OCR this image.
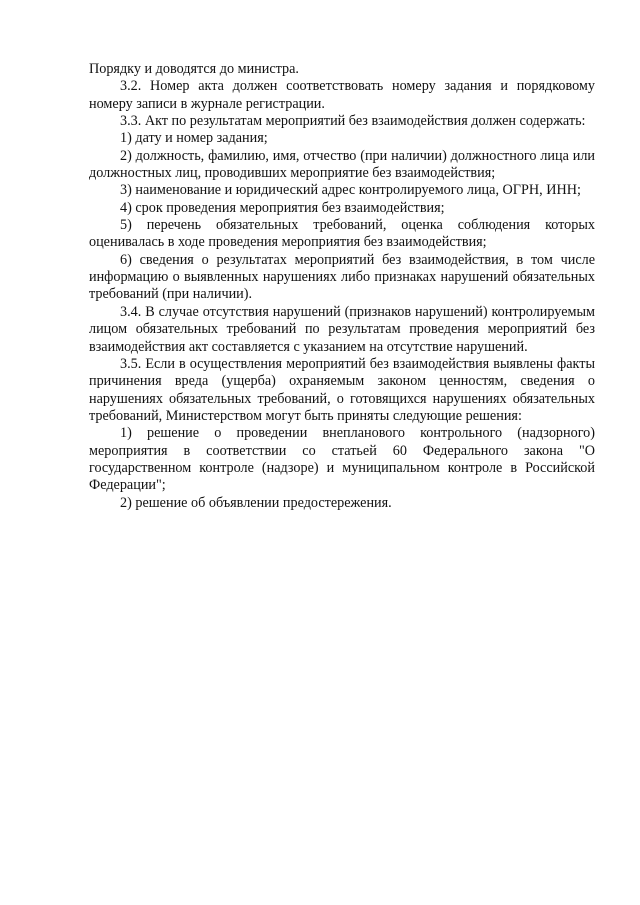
Порядку и доводятся до министра.

3.2. Номер акта должен соответствовать номеру задания и порядковому номеру записи в журнале регистрации.

3.3. Акт по результатам мероприятий без взаимодействия должен содержать:

1) дату и номер задания;

2) должность, фамилию, имя, отчество (при наличии) должностного лица или должностных лиц, проводивших мероприятие без взаимодействия;

3) наименование и юридический адрес контролируемого лица, ОГРН, ИНН;

4) срок проведения мероприятия без взаимодействия;

5) перечень обязательных требований, оценка соблюдения которых оценивалась в ходе проведения мероприятия без взаимодействия;

6) сведения о результатах мероприятий без взаимодействия, в том числе информацию о выявленных нарушениях либо признаках нарушений обязательных требований (при наличии).

3.4. В случае отсутствия нарушений (признаков нарушений) контролируемым лицом обязательных требований по результатам проведения мероприятий без взаимодействия акт составляется с указанием на отсутствие нарушений.

3.5. Если в осуществления мероприятий без взаимодействия выявлены факты причинения вреда (ущерба) охраняемым законом ценностям, сведения о нарушениях обязательных требований, о готовящихся нарушениях обязательных требований, Министерством могут быть приняты следующие решения:

1) решение о проведении внепланового контрольного (надзорного) мероприятия в соответствии со статьей 60 Федерального закона "О государственном контроле (надзоре) и муниципальном контроле в Российской Федерации";

2) решение об объявлении предостережения.
